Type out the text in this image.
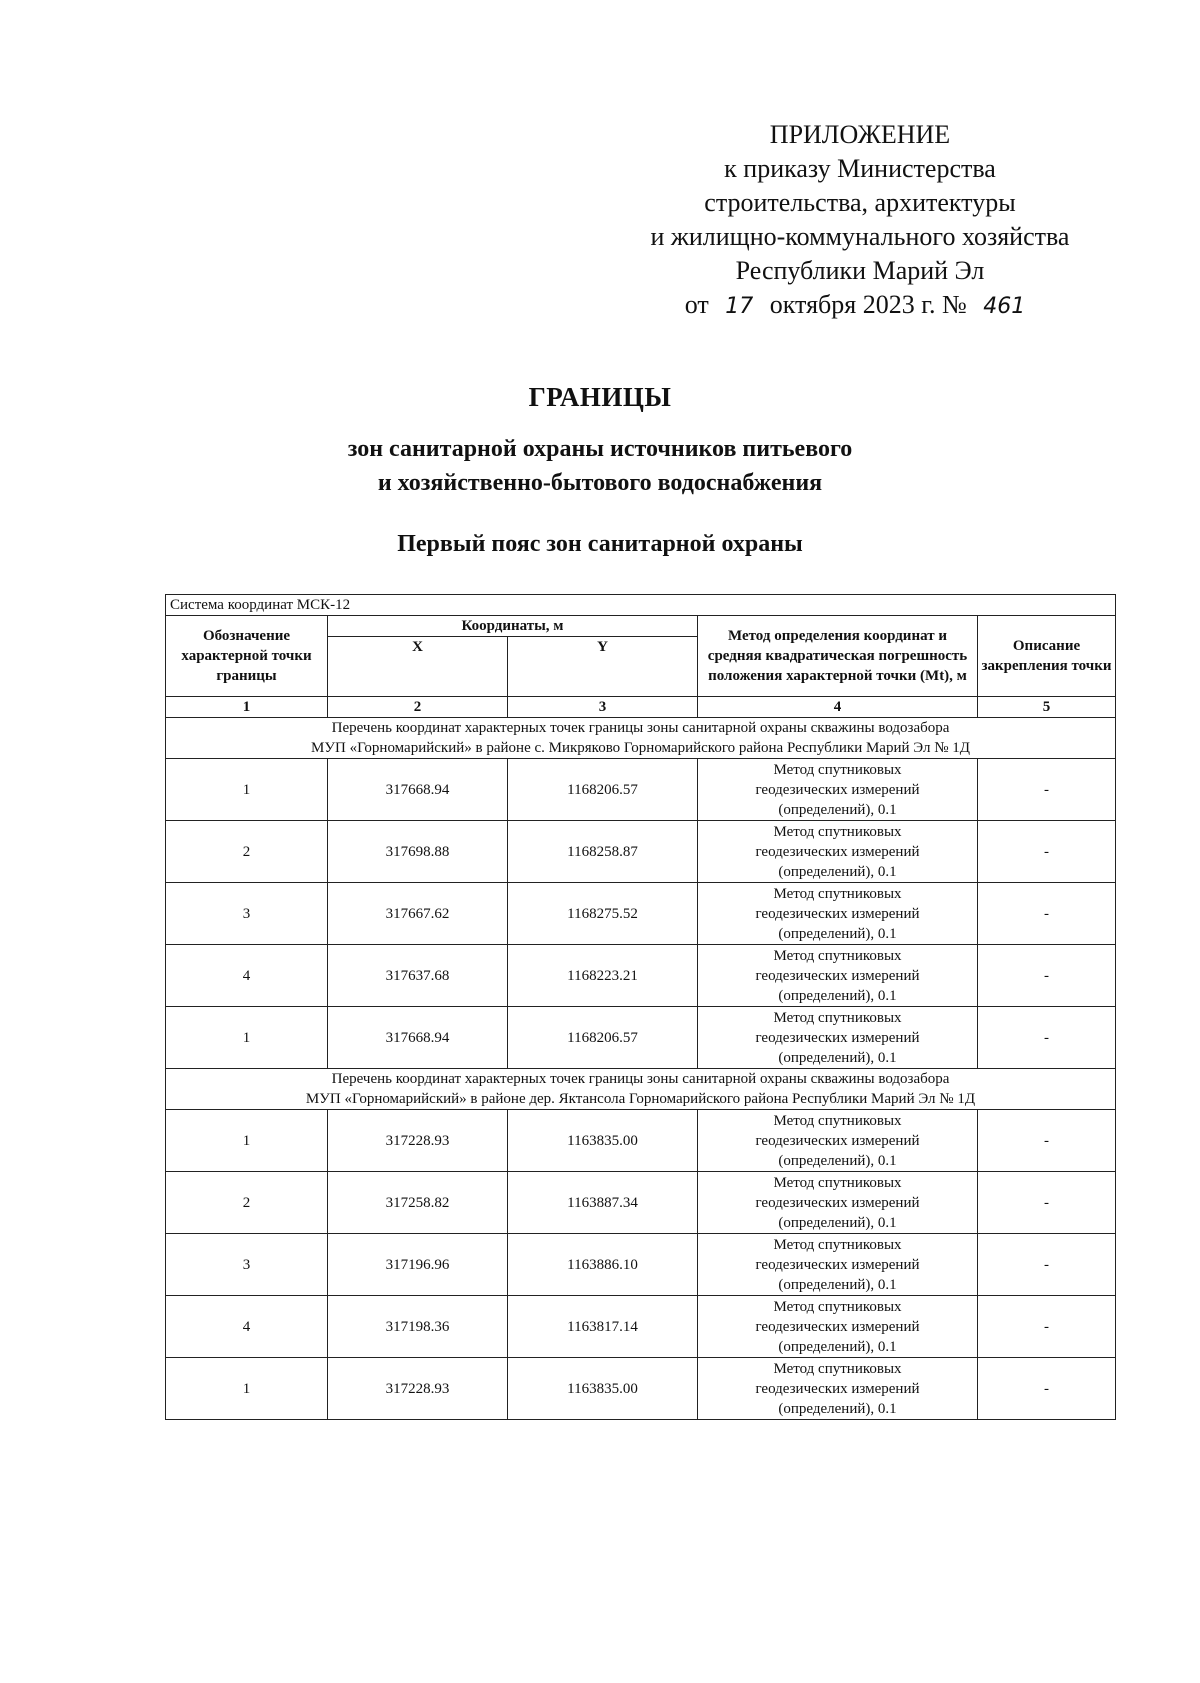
ПРИЛОЖЕНИЕ
к приказу Министерства
строительства, архитектуры
и жилищно-коммунального хозяйства
Республики Марий Эл
от 17 октября 2023 г. № 461
ГРАНИЦЫ
зон санитарной охраны источников питьевого
и хозяйственно-бытового водоснабжения
Первый пояс зон санитарной охраны
Система координат МСК-12				
Обозначение характерной точки границы	Координаты, м		Метод определения координат и средняя квадратическая погрешность положения характерной точки (Mt), м	Описание закрепления точки
	X	Y		
1	2	3	4	5

Перечень координат характерных точек границы зоны санитарной охраны скважины водозабора
МУП «Горномарийский» в районе с. Микряково Горномарийского района Республики Марий Эл № 1Д				

1	317668.94	1168206.57	Метод спутниковых
геодезических измерений
(определений), 0.1	-
2	317698.88	1168258.87	Метод спутниковых
геодезических измерений
(определений), 0.1	-
3	317667.62	1168275.52	Метод спутниковых
геодезических измерений
(определений), 0.1	-
4	317637.68	1168223.21	Метод спутниковых
геодезических измерений
(определений), 0.1	-
1	317668.94	1168206.57	Метод спутниковых
геодезических измерений
(определений), 0.1	-

Перечень координат характерных точек границы зоны санитарной охраны скважины водозабора
МУП «Горномарийский» в районе дер. Яктансола Горномарийского района Республики Марий Эл № 1Д				

1	317228.93	1163835.00	Метод спутниковых
геодезических измерений
(определений), 0.1	-
2	317258.82	1163887.34	Метод спутниковых
геодезических измерений
(определений), 0.1	-
3	317196.96	1163886.10	Метод спутниковых
геодезических измерений
(определений), 0.1	-
4	317198.36	1163817.14	Метод спутниковых
геодезических измерений
(определений), 0.1	-
1	317228.93	1163835.00	Метод спутниковых
геодезических измерений
(определений), 0.1	-
